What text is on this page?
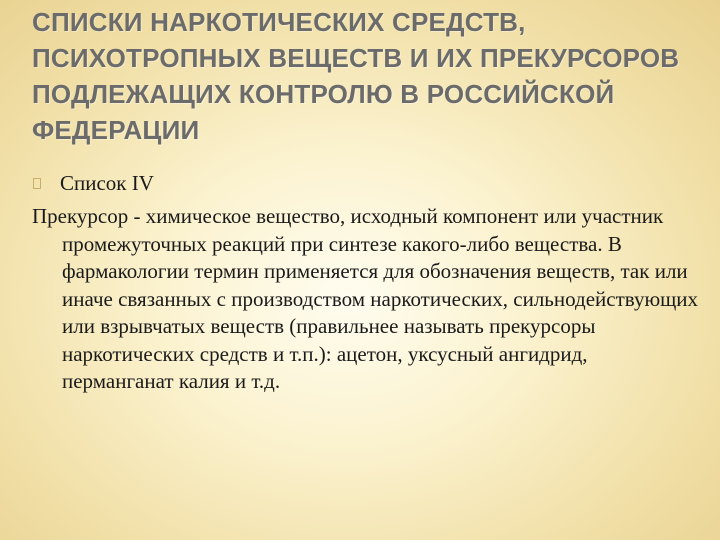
СПИСКИ НАРКОТИЧЕСКИХ СРЕДСТВ,
ПСИХОТРОПНЫХ ВЕЩЕСТВ И ИХ ПРЕКУРСОРОВ
ПОДЛЕЖАЩИХ КОНТРОЛЮ В РОССИЙСКОЙ
ФЕДЕРАЦИИ
Список IV

Прекурсор - химическое вещество, исходный компонент или участник промежуточных реакций при синтезе какого-либо вещества. В фармакологии термин применяется для обозначения веществ, так или иначе связанных с производством наркотических, сильнодействующих или взрывчатых веществ (правильнее называть прекурсоры наркотических средств и т.п.): ацетон, уксусный ангидрид, перманганат калия и т.д.
